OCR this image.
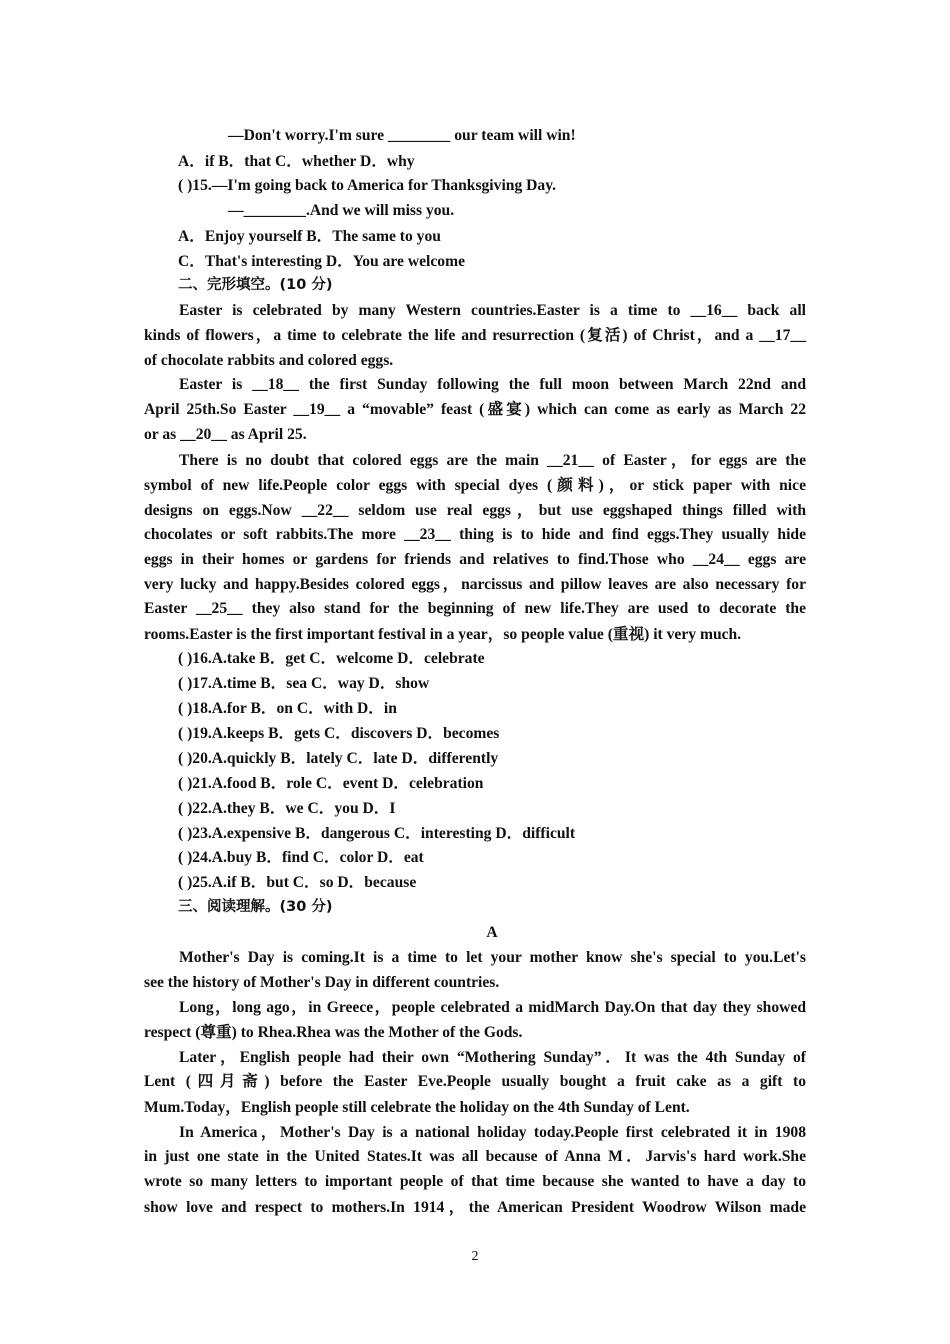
—Don't worry.I'm sure ________ our team will win!
A．if B．that C．whether D．why
( )15.—I'm going back to America for Thanksgiving Day.
—________.And we will miss you.
A．Enjoy yourself B．The same to you
C．That's interesting D．You are welcome
二、完形填空。(10 分)
Easter is celebrated by many Western countries.Easter is a time to __16__ back all
kinds of flowers，a time to celebrate the life and resurrection (复活) of Christ，and a __17__
of chocolate rabbits and colored eggs.
Easter is __18__ the first Sunday following the full moon between March 22nd and
April 25th.So Easter __19__ a “movable” feast (盛宴) which can come as early as March 22
or as __20__ as April 25.
There is no doubt that colored eggs are the main __21__ of Easter，for eggs are the
symbol of new life.People color eggs with special dyes (颜料)，or stick paper with nice
designs on eggs.Now __22__ seldom use real eggs，but use eggshaped things filled with
chocolates or soft rabbits.The more __23__ thing is to hide and find eggs.They usually hide
eggs in their homes or gardens for friends and relatives to find.Those who __24__ eggs are
very lucky and happy.Besides colored eggs，narcissus and pillow leaves are also necessary for
Easter __25__ they also stand for the beginning of new life.They are used to decorate the
rooms.Easter is the first important festival in a year，so people value (重视) it very much.
( )16.A.take B．get C．welcome D．celebrate
( )17.A.time B．sea C．way D．show
( )18.A.for B．on C．with D．in
( )19.A.keeps B．gets C．discovers D．becomes
( )20.A.quickly B．lately C．late D．differently
( )21.A.food B．role C．event D．celebration
( )22.A.they B．we C．you D．I
( )23.A.expensive B．dangerous C．interesting D．difficult
( )24.A.buy B．find C．color D．eat
( )25.A.if B．but C．so D．because
三、阅读理解。(30 分)
A
Mother's Day is coming.It is a time to let your mother know she's special to you.Let's
see the history of Mother's Day in different countries.
Long，long ago，in Greece，people celebrated a midMarch Day.On that day they showed
respect (尊重) to Rhea.Rhea was the Mother of the Gods.
Later，English people had their own “Mothering Sunday”．It was the 4th Sunday of
Lent (四月斋) before the Easter Eve.People usually bought a fruit cake as a gift to
Mum.Today，English people still celebrate the holiday on the 4th Sunday of Lent.
In America，Mother's Day is a national holiday today.People first celebrated it in 1908
in just one state in the United States.It was all because of Anna M．Jarvis's hard work.She
wrote so many letters to important people of that time because she wanted to have a day to
show love and respect to mothers.In 1914，the American President Woodrow Wilson made
2
